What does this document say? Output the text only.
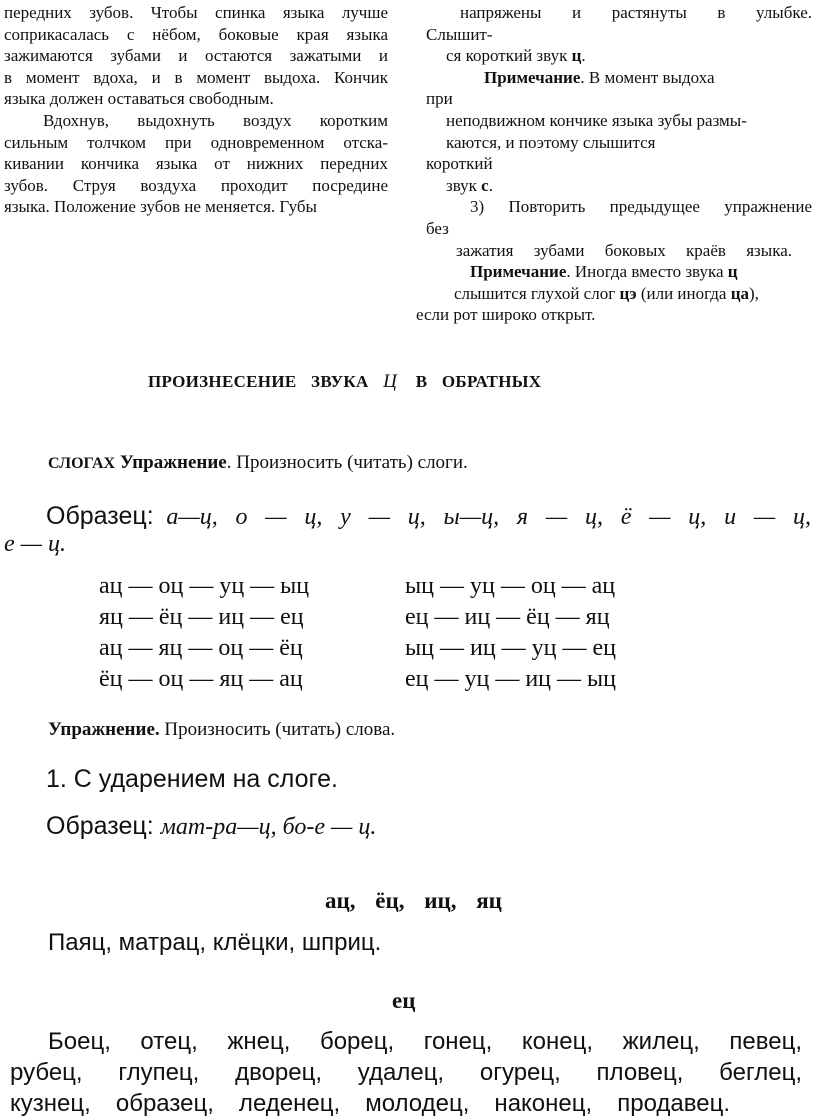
передних зубов. Чтобы спинка языка лучше
соприкасалась с нёбом, боковые края языка
зажимаются зубами и остаются зажатыми и
в момент вдоха, и в момент выдоха. Кончик
языка должен оставаться свободным.
Вдохнув, выдохнуть воздух коротким
сильным толчком при одновременном отска-
кивании кончика языка от нижних передних
зубов. Струя воздуха проходит посредине
языка. Положение зубов не меняется. Губы
напряжены и растянуты в улыбке.
Слышит-
ся короткий звук ц.
Примечание. В момент выдоха
при
неподвижном кончике языка зубы размы-
каются, и поэтому слышится
короткий
звук с.
3) Повторить предыдущее упражнение
без
зажатия зубами боковых краёв языка.
Примечание. Иногда вместо звука ц
слышится глухой слог цэ (или иногда ца),
если рот широко открыт.
ПРОИЗНЕСЕНИЕ ЗВУКА Ц В ОБРАТНЫХ
СЛОГАХ Упражнение. Произносить (читать) слоги.
Образец: а—ц, о — ц, у — ц, ы—ц, я — ц, ё — ц, и — ц,
е — ц.
ац — оц — уц — ыц
яц — ёц — иц — ец
ац — яц — оц — ёц
ёц — оц — яц — ац
ыц — уц — оц — ац
ец — иц — ёц — яц
ыц — иц — уц — ец
ец — уц — иц — ыц
Упражнение. Произносить (читать) слова.
1. С ударением на слоге.
Образец: мат-ра—ц, бо-е — ц.
ац, ёц, иц, яц
Паяц, матрац, клёцки, шприц.
ец
Боец, отец, жнец, борец, гонец, конец, жилец, певец,
рубец, глупец, дворец, удалец, огурец, пловец, беглец,
кузнец, образец, леденец, молодец, наконец, продавец.
